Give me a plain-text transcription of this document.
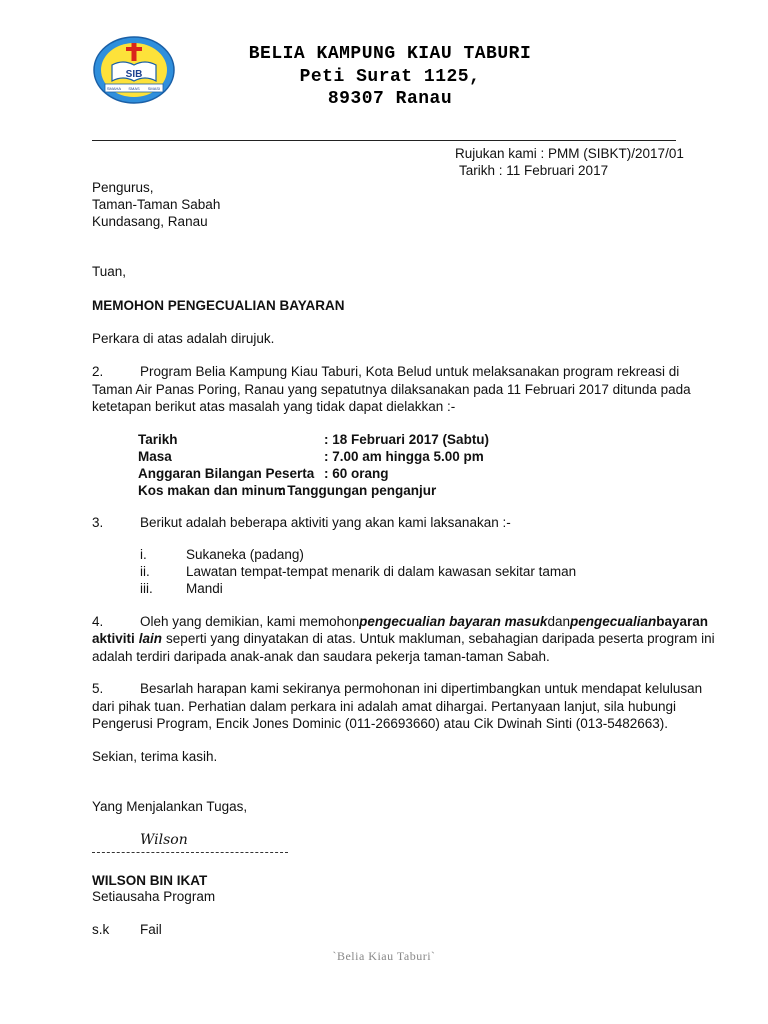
SIB
SMAHA SMAS SMASI
BELIA KAMPUNG KIAU TABURI
Peti Surat 1125,
89307 Ranau
Rujukan kami : PMM (SIBKT)/2017/01
Tarikh : 11 Februari 2017
Pengurus,
Taman-Taman Sabah
Kundasang, Ranau
Tuan,
MEMOHON PENGECUALIAN BAYARAN
Perkara di atas adalah dirujuk.
2.	Program Belia Kampung Kiau Taburi, Kota Belud untuk melaksanakan program rekreasi di
Taman Air Panas Poring, Ranau yang sepatutnya dilaksanakan pada 11 Februari 2017 ditunda pada
ketetapan berikut atas masalah yang tidak dapat dielakkan :-
Tarikh	: 18 Februari 2017 (Sabtu)
Masa	: 7.00 am hingga 5.00 pm
Anggaran Bilangan Peserta : 60 orang
Kos makan dan minum
: Tanggungan penganjur
3.	Berikut adalah beberapa aktiviti yang akan kami laksanakan :-
i.	Sukaneka (padang)
ii.	Lawatan tempat-tempat menarik di dalam kawasan sekitar taman
iii. Mandi
4.	Oleh yang demikian, kami memohon pengecualian bayaran masuk dan pengecualian bayaran
aktiviti lain seperti yang dinyatakan di atas. Untuk makluman, sebahagian daripada peserta program ini
adalah terdiri daripada anak-anak dan saudara pekerja taman-taman Sabah.
5.	Besarlah harapan kami sekiranya permohonan ini dipertimbangkan untuk mendapat kelulusan
dari pihak tuan. Perhatian dalam perkara ini adalah amat dihargai. Pertanyaan lanjut, sila hubungi
Pengerusi Program, Encik Jones Dominic (011-26693660) atau Cik Dwinah Sinti (013-5482663).
Sekian, terima kasih.
Yang Menjalankan Tugas,
Wilson
WILSON BIN IKAT
Setiausaha Program
s.k Fail
`Belia Kiau Taburi`
